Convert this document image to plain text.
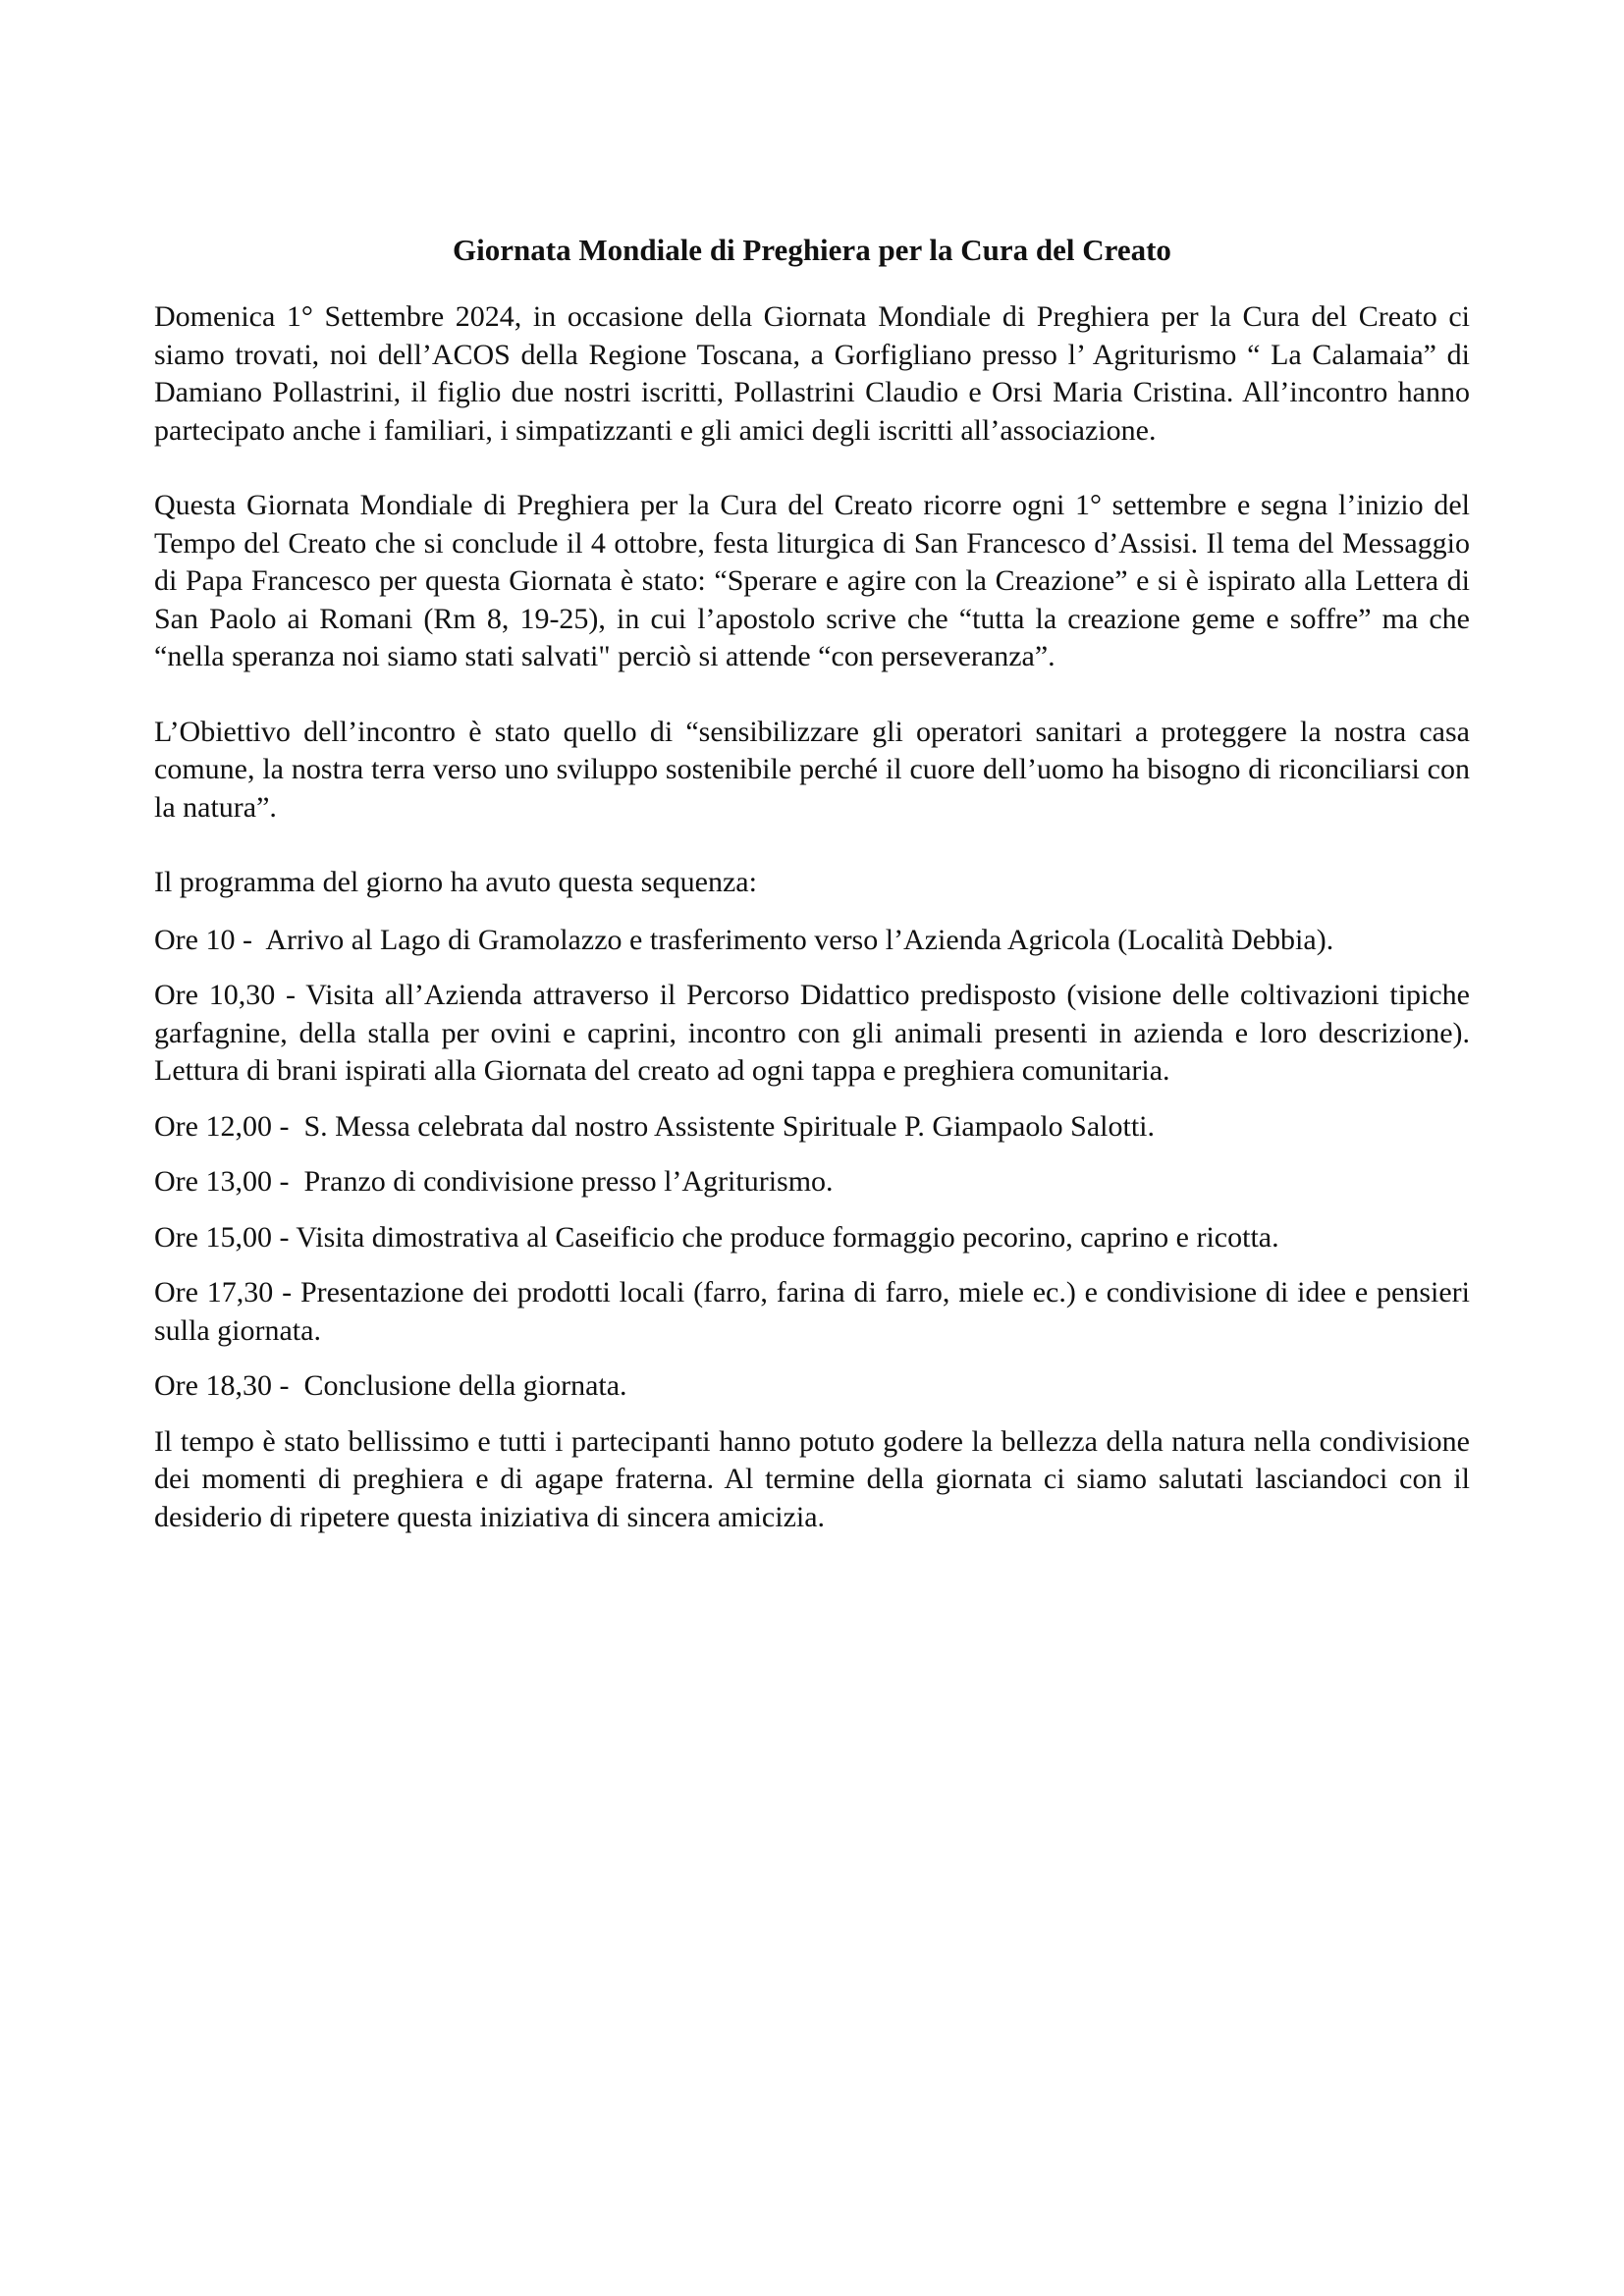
Giornata Mondiale di Preghiera per la Cura del Creato

Domenica 1° Settembre 2024, in occasione della Giornata Mondiale di Preghiera per la Cura del Creato ci siamo trovati, noi dell’ACOS della Regione Toscana, a Gorfigliano presso l’ Agriturismo “ La Calamaia” di Damiano Pollastrini, il figlio due nostri iscritti, Pollastrini Claudio e Orsi Maria Cristina. All’incontro hanno partecipato anche i familiari, i simpatizzanti e gli amici degli iscritti all’associazione.

Questa Giornata Mondiale di Preghiera per la Cura del Creato ricorre ogni 1° settembre e segna l’inizio del Tempo del Creato che si conclude il 4 ottobre, festa liturgica di San Francesco d’Assisi. Il tema del Messaggio di Papa Francesco per questa Giornata è stato: “Sperare e agire con la Creazione” e si è ispirato alla Lettera di San Paolo ai Romani (Rm 8, 19-25), in cui l’apostolo scrive che “tutta la creazione geme e soffre” ma che “nella speranza noi siamo stati salvati" perciò si attende “con perseveranza”.

L’Obiettivo dell’incontro è stato quello di “sensibilizzare gli operatori sanitari a proteggere la nostra casa comune, la nostra terra verso uno sviluppo sostenibile perché il cuore dell’uomo ha bisogno di riconciliarsi con la natura”.

Il programma del giorno ha avuto questa sequenza:

Ore 10 -  Arrivo al Lago di Gramolazzo e trasferimento verso l’Azienda Agricola (Località Debbia).

Ore 10,30 - Visita all’Azienda attraverso il Percorso Didattico predisposto (visione delle coltivazioni tipiche garfagnine, della stalla per ovini e caprini, incontro con gli animali presenti in azienda e loro descrizione). Lettura di brani ispirati alla Giornata del creato ad ogni tappa e preghiera comunitaria.

Ore 12,00 -  S. Messa celebrata dal nostro Assistente Spirituale P. Giampaolo Salotti.

Ore 13,00 -  Pranzo di condivisione presso l’Agriturismo.

Ore 15,00 - Visita dimostrativa al Caseificio che produce formaggio pecorino, caprino e ricotta.

Ore 17,30 - Presentazione dei prodotti locali (farro, farina di farro, miele ec.) e condivisione di idee e pensieri sulla giornata.

Ore 18,30 -  Conclusione della giornata.

Il tempo è stato bellissimo e tutti i partecipanti hanno potuto godere la bellezza della natura nella condivisione dei momenti di preghiera e di agape fraterna. Al termine della giornata ci siamo salutati lasciandoci con il desiderio di ripetere questa iniziativa di sincera amicizia.
